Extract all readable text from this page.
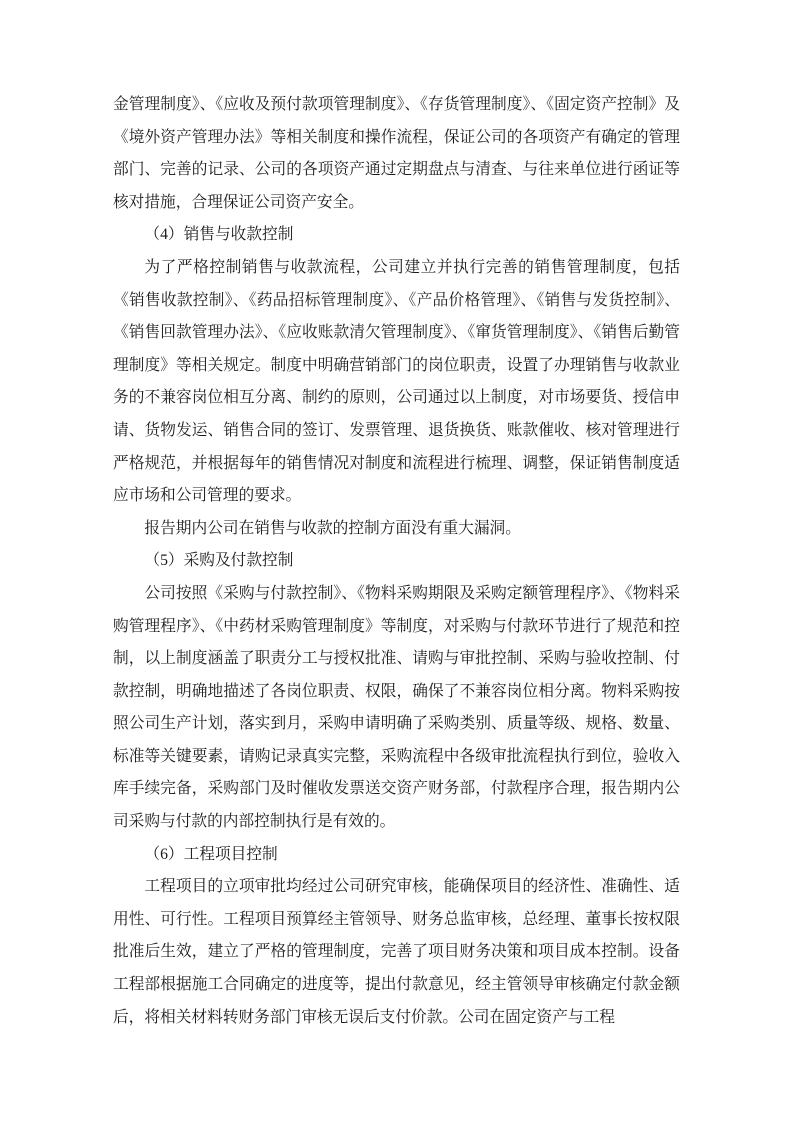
金管理制度》、《应收及预付款项管理制度》、《存货管理制度》、《固定资产控制》及《境外资产管理办法》等相关制度和操作流程，保证公司的各项资产有确定的管理部门、完善的记录、公司的各项资产通过定期盘点与清查、与往来单位进行函证等核对措施，合理保证公司资产安全。

（4）销售与收款控制

为了严格控制销售与收款流程，公司建立并执行完善的销售管理制度，包括《销售收款控制》、《药品招标管理制度》、《产品价格管理》、《销售与发货控制》、《销售回款管理办法》、《应收账款清欠管理制度》、《窜货管理制度》、《销售后勤管理制度》等相关规定。制度中明确营销部门的岗位职责，设置了办理销售与收款业务的不兼容岗位相互分离、制约的原则，公司通过以上制度，对市场要货、授信申请、货物发运、销售合同的签订、发票管理、退货换货、账款催收、核对管理进行严格规范，并根据每年的销售情况对制度和流程进行梳理、调整，保证销售制度适应市场和公司管理的要求。

报告期内公司在销售与收款的控制方面没有重大漏洞。

（5）采购及付款控制

公司按照《采购与付款控制》、《物料采购期限及采购定额管理程序》、《物料采购管理程序》、《中药材采购管理制度》等制度，对采购与付款环节进行了规范和控制，以上制度涵盖了职责分工与授权批准、请购与审批控制、采购与验收控制、付款控制，明确地描述了各岗位职责、权限，确保了不兼容岗位相分离。物料采购按照公司生产计划，落实到月，采购申请明确了采购类别、质量等级、规格、数量、标准等关键要素，请购记录真实完整，采购流程中各级审批流程执行到位，验收入库手续完备，采购部门及时催收发票送交资产财务部，付款程序合理，报告期内公司采购与付款的内部控制执行是有效的。

（6）工程项目控制

工程项目的立项审批均经过公司研究审核，能确保项目的经济性、准确性、适用性、可行性。工程项目预算经主管领导、财务总监审核，总经理、董事长按权限批准后生效，建立了严格的管理制度，完善了项目财务决策和项目成本控制。设备工程部根据施工合同确定的进度等，提出付款意见，经主管领导审核确定付款金额后，将相关材料转财务部门审核无误后支付价款。公司在固定资产与工程
